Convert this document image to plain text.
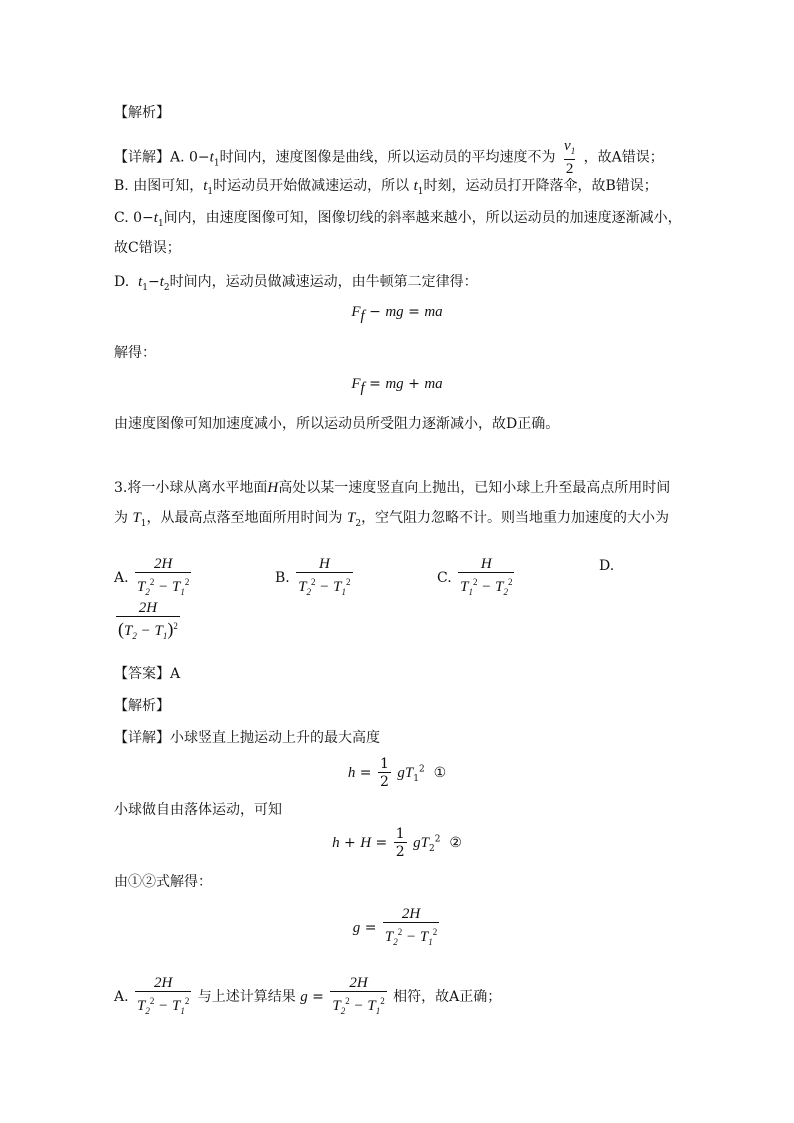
【解析】
【详解】A. $0-t_1$时间内，速度图像是曲线，所以运动员的平均速度不为 $\frac{v_1}{2}$ ，故A错误；
B. 由图可知，$t_1$时运动员开始做减速运动，所以 $t_1$时刻，运动员打开降落伞，故B错误；
C. $0-t_1$间内，由速度图像可知，图像切线的斜率越来越小，所以运动员的加速度逐渐减小，
故C错误；
D. $t_1-t_2$时间内，运动员做减速运动，由牛顿第二定律得：
$F_f$ − mg = ma
解得：
$F_f$ = mg + ma
由速度图像可知加速度减小，所以运动员所受阻力逐渐减小，故D正确。
3.将一小球从离水平地面H高处以某一速度竖直向上抛出，已知小球上升至最高点所用时间
为 $T_1$，从最高点落至地面所用时间为 $T_2$，空气阻力忽略不计。则当地重力加速度的大小为
A. $\frac{2H}{T_2^2 - T_1^2}$	B. $\frac{H}{T_2^2 - T_1^2}$	C. $\frac{H}{T_1^2 - T_2^2}$	D.
$\frac{2H}{(T_2 - T_1)^2}$
【答案】A
【解析】
【详解】小球竖直上抛运动上升的最大高度
$h = \frac{1}{2} gT_1^2$ ①
小球做自由落体运动，可知
$h + H = \frac{1}{2} gT_2^2$ ②
由①②式解得：
$g = \frac{2H}{T_2^2 - T_1^2}$
A. $\frac{2H}{T_2^2 - T_1^2}$ 与上述计算结果 $g = \frac{2H}{T_2^2 - T_1^2}$ 相符，故A正确；
